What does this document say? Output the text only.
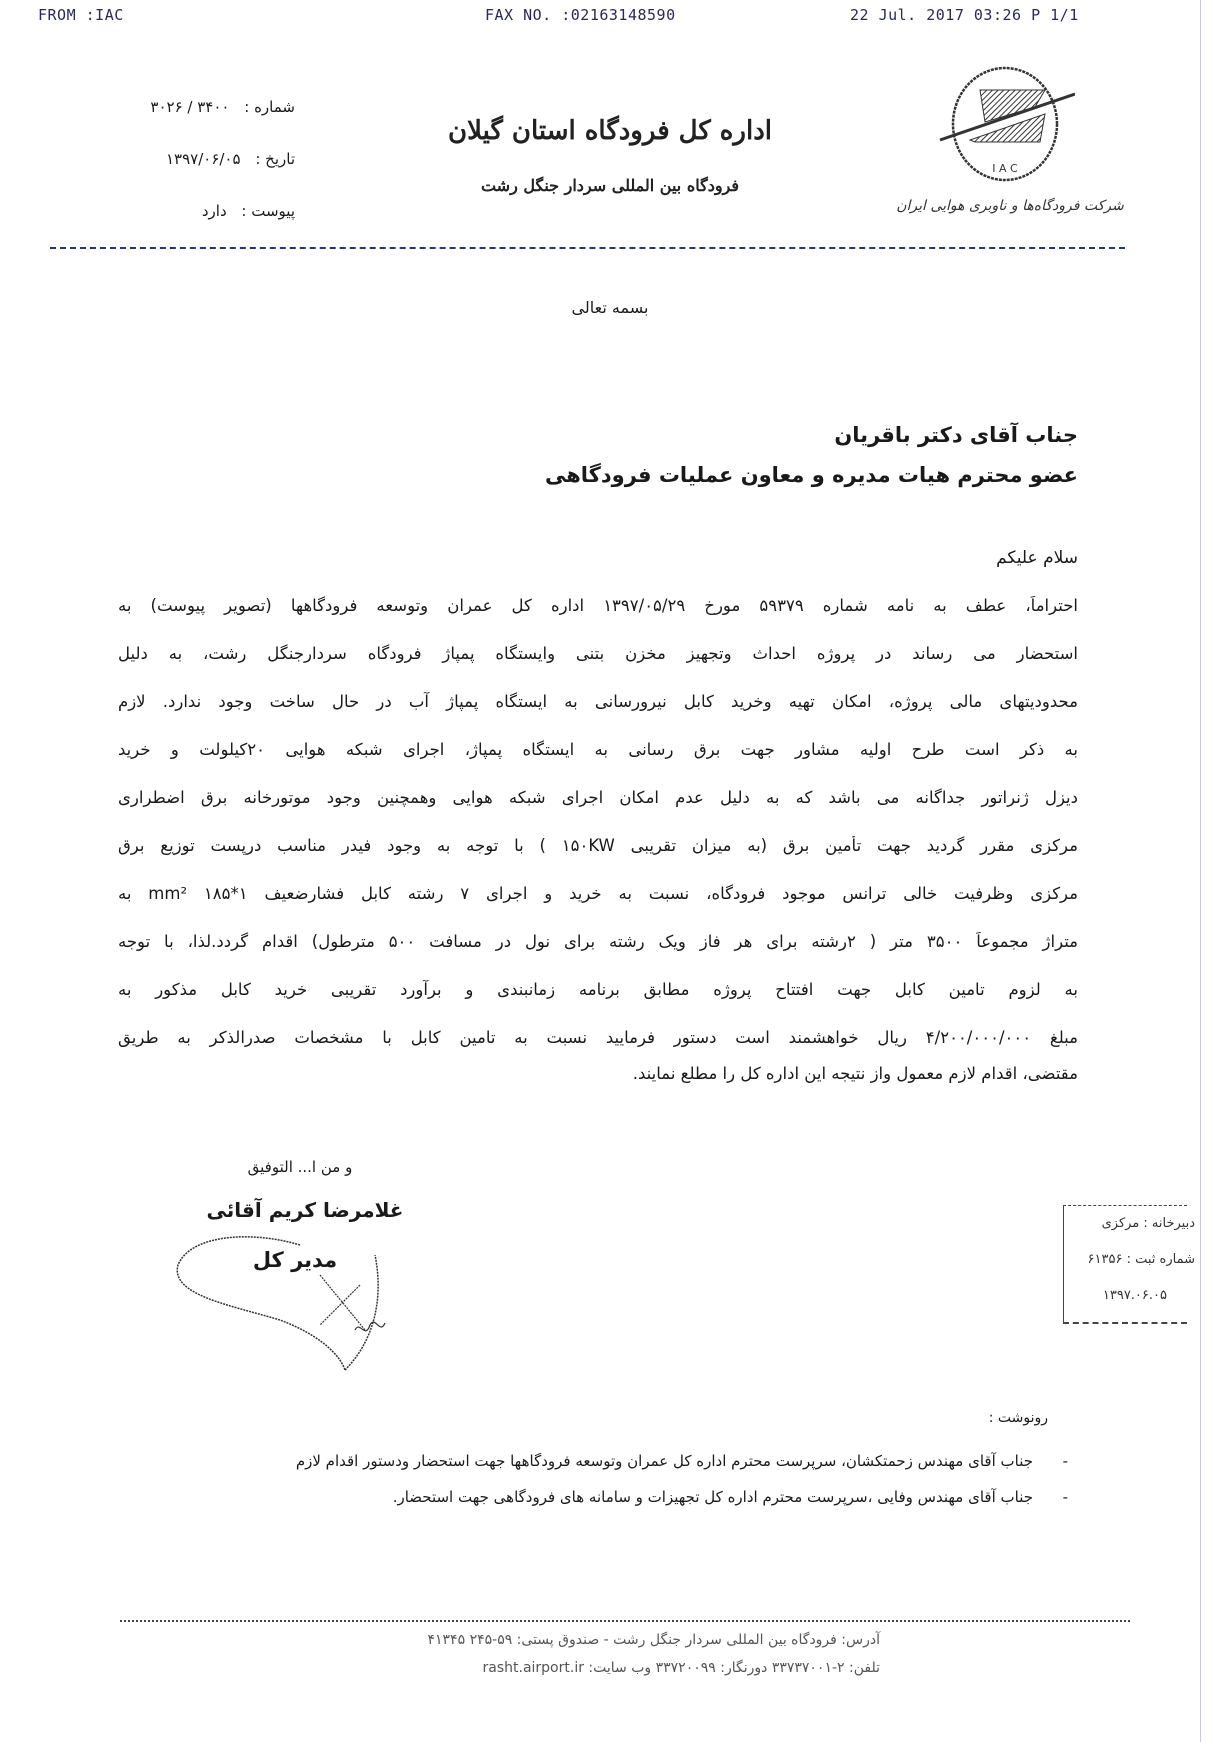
FROM :IAC	FAX NO. :02163148590	22 Jul. 2017 03:26 P 1/1
شماره : ۳۴۰۰ / ۳۰۲۶
تاریخ : ۱۳۹۷/۰۶/۰۵
پیوست : دارد
اداره کل فرودگاه استان گیلان
فرودگاه بین المللی سردار جنگل رشت
I A C
شرکت فرودگاه‌ها و ناوبری هوایی ایران
بسمه تعالی
جناب آقای دکتر باقریان
عضو محترم هیات مدیره و معاون عملیات فرودگاهی
سلام علیکم
احتراماً، عطف به نامه شماره ۵۹۳۷۹ مورخ ۱۳۹۷/۰۵/۲۹ اداره کل عمران وتوسعه فرودگاهها (تصویر پیوست) به
استحضار می رساند در پروژه احداث وتجهیز مخزن بتنی وایستگاه پمپاژ فرودگاه سردارجنگل رشت، به دلیل
محدودیتهای مالی پروژه، امکان تهیه وخرید کابل نیرورسانی به ایستگاه پمپاژ آب در حال ساخت وجود ندارد. لازم
به ذکر است طرح اولیه مشاور جهت برق رسانی به ایستگاه پمپاژ، اجرای شبکه هوایی ۲۰کیلولت و خرید
دیزل ژنراتور جداگانه می باشد که به دلیل عدم امکان اجرای شبکه هوایی وهمچنین وجود موتورخانه برق اضطراری
مرکزی مقرر گردید جهت تأمین برق (به میزان تقریبی ۱۵۰KW ) با توجه به وجود فیدر مناسب درپست توزیع برق
مرکزی وظرفیت خالی ترانس موجود فرودگاه، نسبت به خرید و اجرای ۷ رشته کابل فشارضعیف mm² ۱۸۵*۱ به
متراژ مجموعاً ۳۵۰۰ متر ( ۲رشته برای هر فاز ویک رشته برای نول در مسافت ۵۰۰ مترطول) اقدام گردد.لذا، با توجه
به لزوم تامین کابل جهت افتتاح پروژه مطابق برنامه زمانبندی و برآورد تقریبی خرید کابل مذکور به
مبلغ ۴/۲۰۰/۰۰۰/۰۰۰ ریال خواهشمند است دستور فرمایید نسبت به تامین کابل با مشخصات صدرالذکر به طریق
مقتضی، اقدام لازم معمول واز نتیجه این اداره کل را مطلع نمایند.
و من ا... التوفیق
غلامرضا کریم آقائی
مدیر کل
دبیرخانه : مرکزی
شماره ثبت : ۶۱۳۵۶
۱۳۹۷.۰۶.۰۵
رونوشت :
-
جناب آقای مهندس زحمتکشان، سرپرست محترم اداره کل عمران وتوسعه فرودگاهها جهت استحضار ودستور اقدام لازم
-
جناب آقای مهندس وفایی ،سرپرست محترم اداره کل تجهیزات و سامانه های فرودگاهی جهت استحضار.
آدرس: فرودگاه بین المللی سردار جنگل رشت - صندوق پستی: ۵۹-۲۴۵ ۴۱۳۴۵
تلفن: ۲-۳۳۷۳۷۰۰۱ دورنگار: ۳۳۷۲۰۰۹۹ وب سایت: rasht.airport.ir
